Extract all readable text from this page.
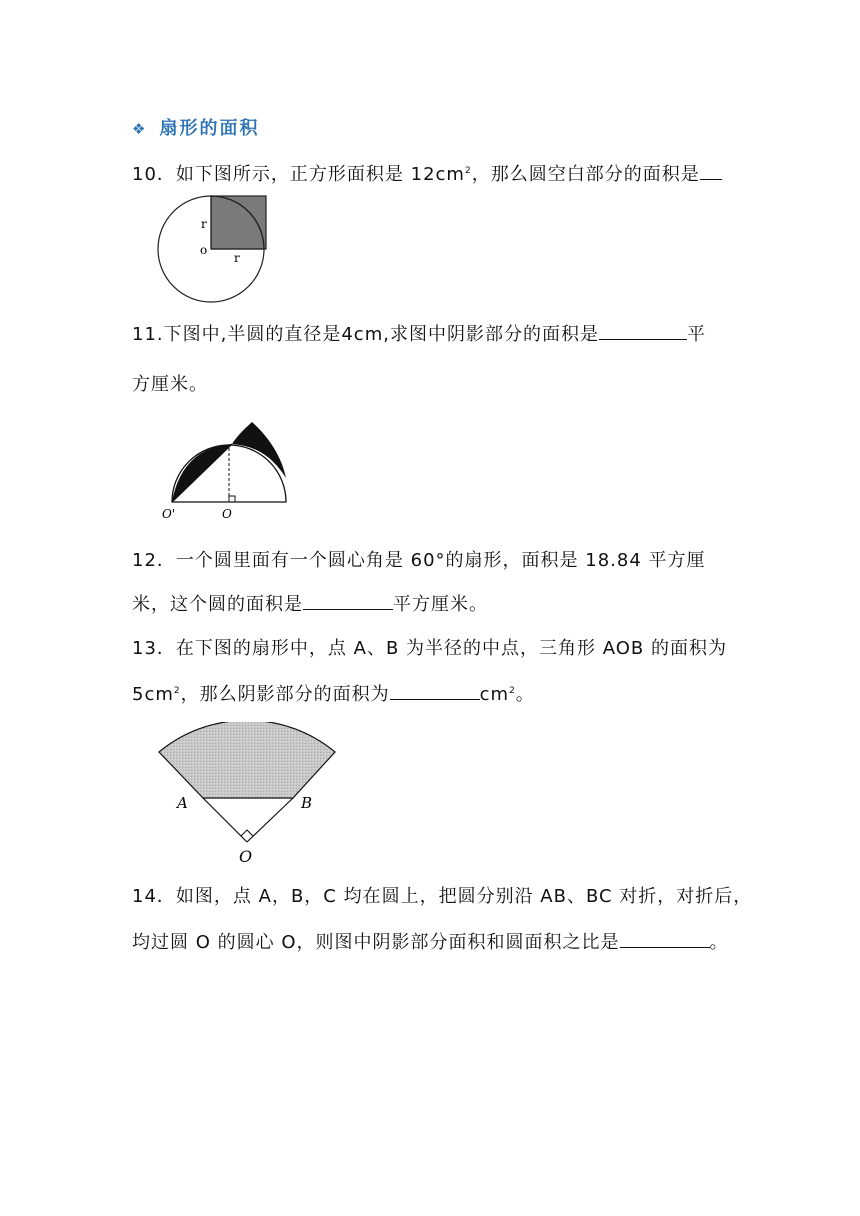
❖ 扇形的面积
10．如下图所示，正方形面积是 $12cm^2$，那么圆空白部分的面积是
r
o
r
11.下图中,半圆的直径是4cm,求图中阴影部分的面积是	平
方厘米。
O'	O
12．一个圆里面有一个圆心角是 60°的扇形，面积是 18.84 平方厘
米，这个圆的面积是	平方厘米。
13．在下图的扇形中，点 A、B 为半径的中点，三角形 AOB 的面积为
$5cm^2$，那么阴影部分的面积为	$cm^2$。
A	B
O
14．如图，点 A，B，C 均在圆上，把圆分别沿 AB、BC 对折，对折后，
均过圆 O 的圆心 O，则图中阴影部分面积和圆面积之比是	。
